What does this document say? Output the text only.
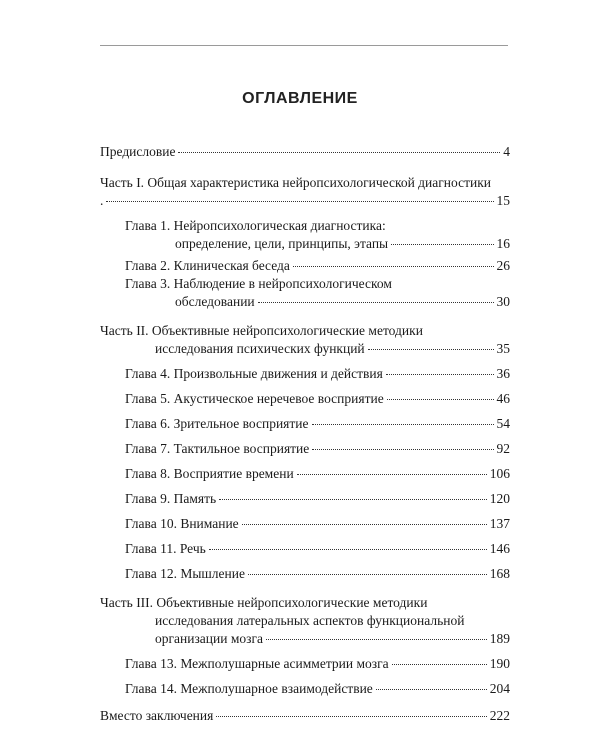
ОГЛАВЛЕНИЕ
Предисловие	4
Часть I. Общая характеристика нейропсихологической диагностики
.	15
Глава 1. Нейропсихологическая диагностика:
определение, цели, принципы, этапы	16
Глава 2. Клиническая беседа	26
Глава 3. Наблюдение в нейропсихологическом
обследовании	30
Часть II. Объективные нейропсихологические методики
исследования психических функций	35
Глава 4. Произвольные движения и действия	36
Глава 5. Акустическое неречевое восприятие	46
Глава 6. Зрительное восприятие	54
Глава 7. Тактильное восприятие	92
Глава 8. Восприятие времени	106
Глава 9. Память	120
Глава 10. Внимание	137
Глава 11. Речь	146
Глава 12. Мышление	168
Часть III. Объективные нейропсихологические методики
исследования латеральных аспектов функциональной
организации мозга	189
Глава 13. Межполушарные асимметрии мозга	190
Глава 14. Межполушарное взаимодействие	204
Вместо заключения	222
